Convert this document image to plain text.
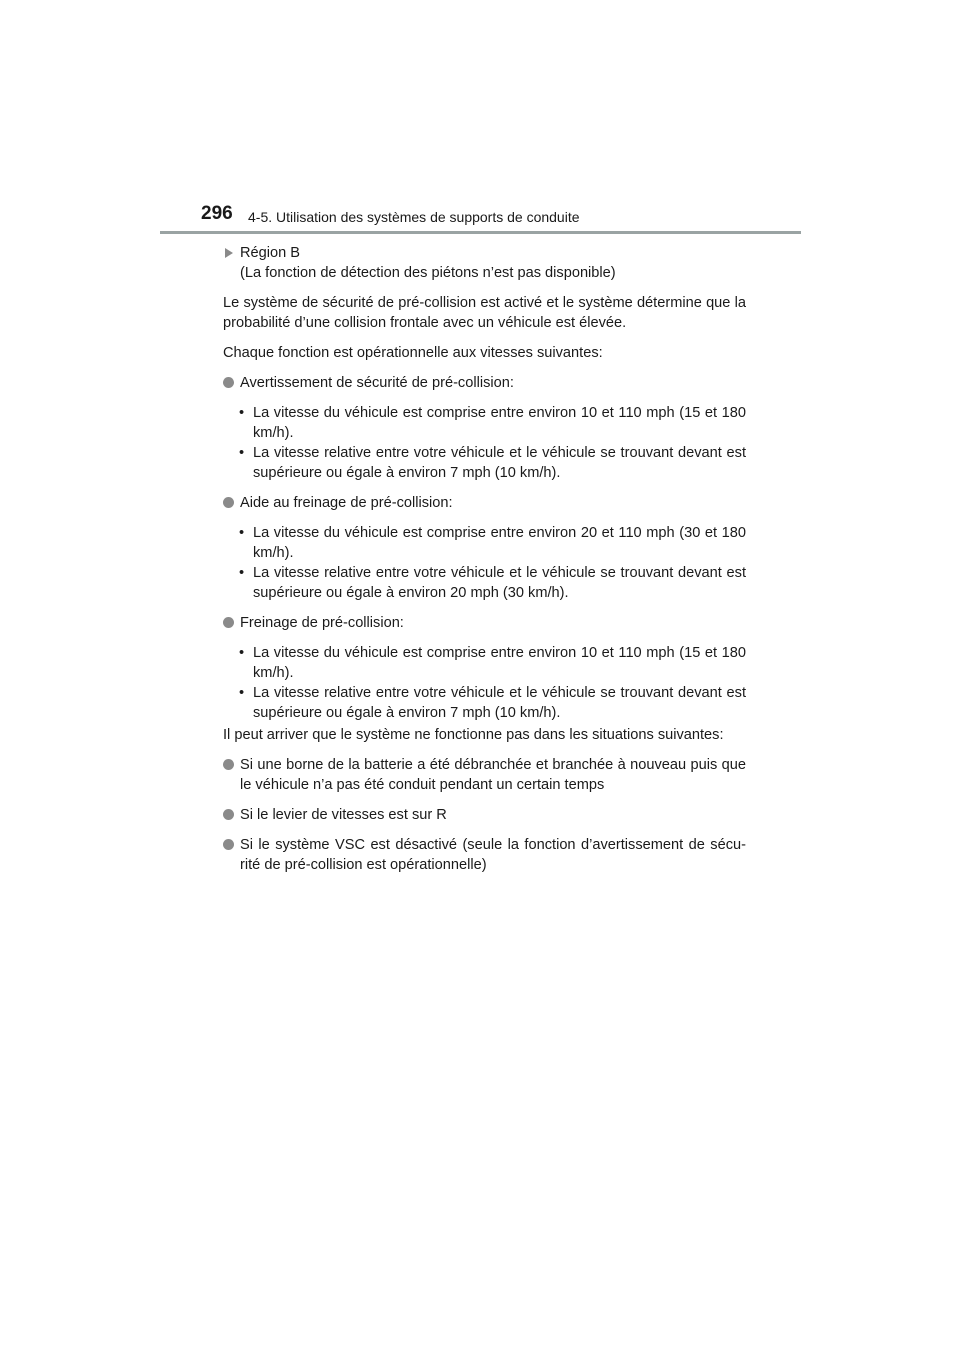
296 4-5. Utilisation des systèmes de supports de conduite
Région B
(La fonction de détection des piétons n’est pas disponible)
Le système de sécurité de pré-collision est activé et le système détermine que la probabilité d’une collision frontale avec un véhicule est élevée.
Chaque fonction est opérationnelle aux vitesses suivantes:
Avertissement de sécurité de pré-collision:
• La vitesse du véhicule est comprise entre environ 10 et 110 mph (15 et 180 km/h).
• La vitesse relative entre votre véhicule et le véhicule se trouvant devant est supérieure ou égale à environ 7 mph (10 km/h).
Aide au freinage de pré-collision:
• La vitesse du véhicule est comprise entre environ 20 et 110 mph (30 et 180 km/h).
• La vitesse relative entre votre véhicule et le véhicule se trouvant devant est supérieure ou égale à environ 20 mph (30 km/h).
Freinage de pré-collision:
• La vitesse du véhicule est comprise entre environ 10 et 110 mph (15 et 180 km/h).
• La vitesse relative entre votre véhicule et le véhicule se trouvant devant est supérieure ou égale à environ 7 mph (10 km/h).
Il peut arriver que le système ne fonctionne pas dans les situations suivantes:
Si une borne de la batterie a été débranchée et branchée à nouveau puis que le véhicule n’a pas été conduit pendant un certain temps
Si le levier de vitesses est sur R
Si le système VSC est désactivé (seule la fonction d’avertissement de sécu-rité de pré-collision est opérationnelle)
